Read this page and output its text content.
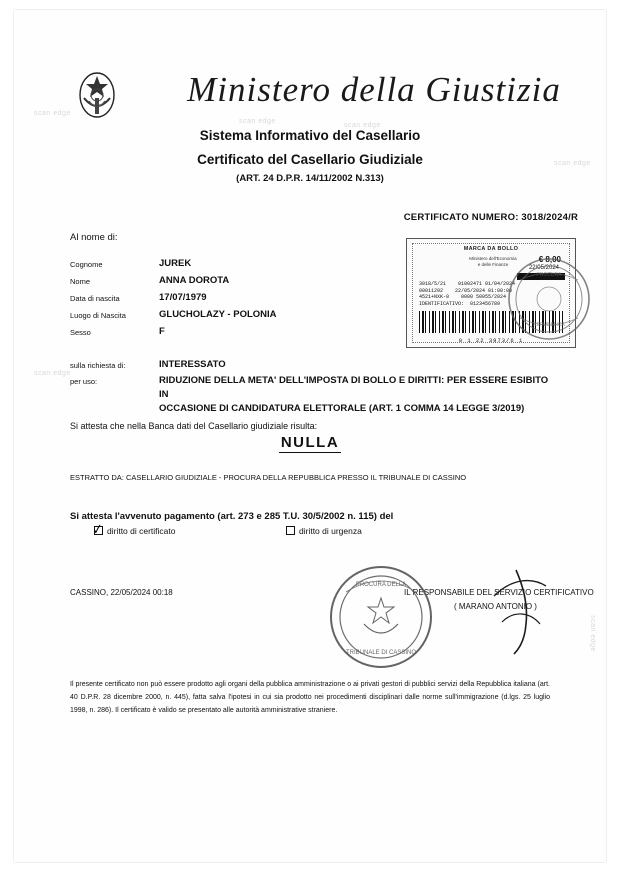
scan edge
scan edge
scan edge
scan edge
scan edge
scan edge
Ministero della Giustizia
Sistema Informativo del Casellario
Certificato del Casellario Giudiziale
(ART. 24 D.P.R. 14/11/2002 N.313)
CERTIFICATO NUMERO: 3018/2024/R
Al nome di:
Cognome	JUREK
Nome	ANNA DOROTA
Data di nascita	17/07/1979
Luogo di Nascita	GLUCHOLAZY - POLONIA
Sesso	F
MARCA DA BOLLO
Ministero dell'Economia
e delle Finanze
€ 8,00
22/05/2024
3018/5/21    01002471 01/04/2024
00011292    22/05/2024 01:00:00
4521+NXK-0    0000 50055/2024
IDENTIFICATIVO:  0123456789
0 1 22 3973/6 1
PROCURA
REPUBBLICA
sulla richiesta di:	INTERESSATO
per uso:	RIDUZIONE DELLA META' DELL'IMPOSTA DI BOLLO E DIRITTI: PER ESSERE ESIBITO IN
OCCASIONE DI CANDIDATURA ELETTORALE (ART. 1 COMMA 14 LEGGE 3/2019)
Si attesta che nella Banca dati del Casellario giudiziale risulta:
NULLA
ESTRATTO DA: CASELLARIO GIUDIZIALE - PROCURA DELLA REPUBBLICA PRESSO IL TRIBUNALE DI CASSINO
Si attesta l'avvenuto pagamento (art. 273 e 285 T.U. 30/5/2002 n. 115) del
diritto di certificato
✓	diritto di urgenza
CASSINO, 22/05/2024 00:18	IL RESPONSABILE DEL SERVIZIO CERTIFICATIVO
( MARANO ANTONIO )
PROCURA DELLA
TRIBUNALE DI CASSINO
Il presente certificato non può essere prodotto agli organi della pubblica amministrazione o ai privati gestori di pubblici servizi della Repubblica italiana (art. 40 D.P.R. 28 dicembre 2000, n. 445), fatta salva l'ipotesi in cui sia prodotto nei procedimenti disciplinari dalle norme sull'immigrazione (d.lgs. 25 luglio 1998, n. 286). Il certificato è valido se presentato alle autorità amministrative straniere.
